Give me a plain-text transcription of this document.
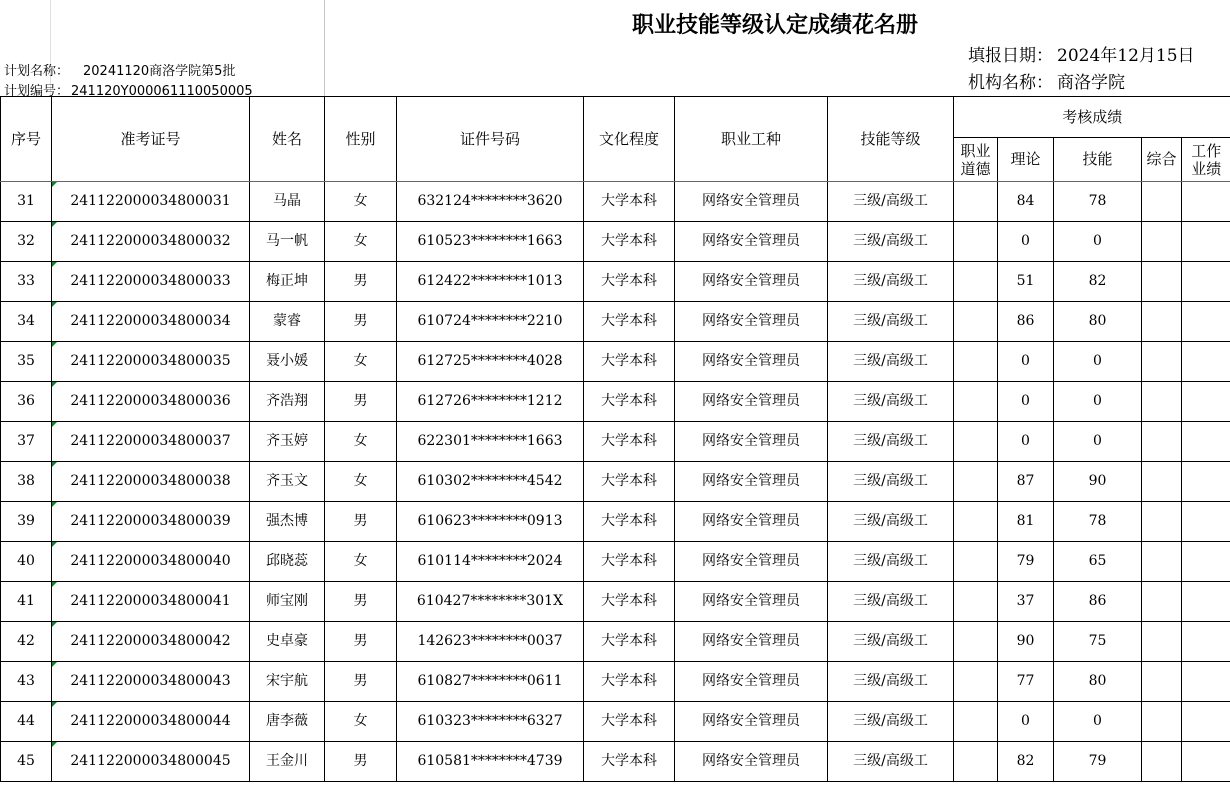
职业技能等级认定成绩花名册
计划名称： 20241120商洛学院第5批
计划编号： 241120Y000061110050005
填报日期： 2024年12月15日
机构名称： 商洛学院
序号	准考证号	姓名	性别	证件号码	文化程度	职业工种	技能等级	考核成绩				
								职业道德	理论	技能	综合	工作业绩
31	241122000034800031	马晶	女	632124********3620	大学本科	网络安全管理员	三级/高级工		84	78		
32	241122000034800032	马一帆	女	610523********1663	大学本科	网络安全管理员	三级/高级工		0	0		
33	241122000034800033	梅正坤	男	612422********1013	大学本科	网络安全管理员	三级/高级工		51	82		
34	241122000034800034	蒙睿	男	610724********2210	大学本科	网络安全管理员	三级/高级工		86	80		
35	241122000034800035	聂小媛	女	612725********4028	大学本科	网络安全管理员	三级/高级工		0	0		
36	241122000034800036	齐浩翔	男	612726********1212	大学本科	网络安全管理员	三级/高级工		0	0		
37	241122000034800037	齐玉婷	女	622301********1663	大学本科	网络安全管理员	三级/高级工		0	0		
38	241122000034800038	齐玉文	女	610302********4542	大学本科	网络安全管理员	三级/高级工		87	90		
39	241122000034800039	强杰博	男	610623********0913	大学本科	网络安全管理员	三级/高级工		81	78		
40	241122000034800040	邱晓蕊	女	610114********2024	大学本科	网络安全管理员	三级/高级工		79	65		
41	241122000034800041	师宝刚	男	610427********301X	大学本科	网络安全管理员	三级/高级工		37	86		
42	241122000034800042	史卓豪	男	142623********0037	大学本科	网络安全管理员	三级/高级工		90	75		
43	241122000034800043	宋宇航	男	610827********0611	大学本科	网络安全管理员	三级/高级工		77	80		
44	241122000034800044	唐李薇	女	610323********6327	大学本科	网络安全管理员	三级/高级工		0	0		
45	241122000034800045	王金川	男	610581********4739	大学本科	网络安全管理员	三级/高级工		82	79		
